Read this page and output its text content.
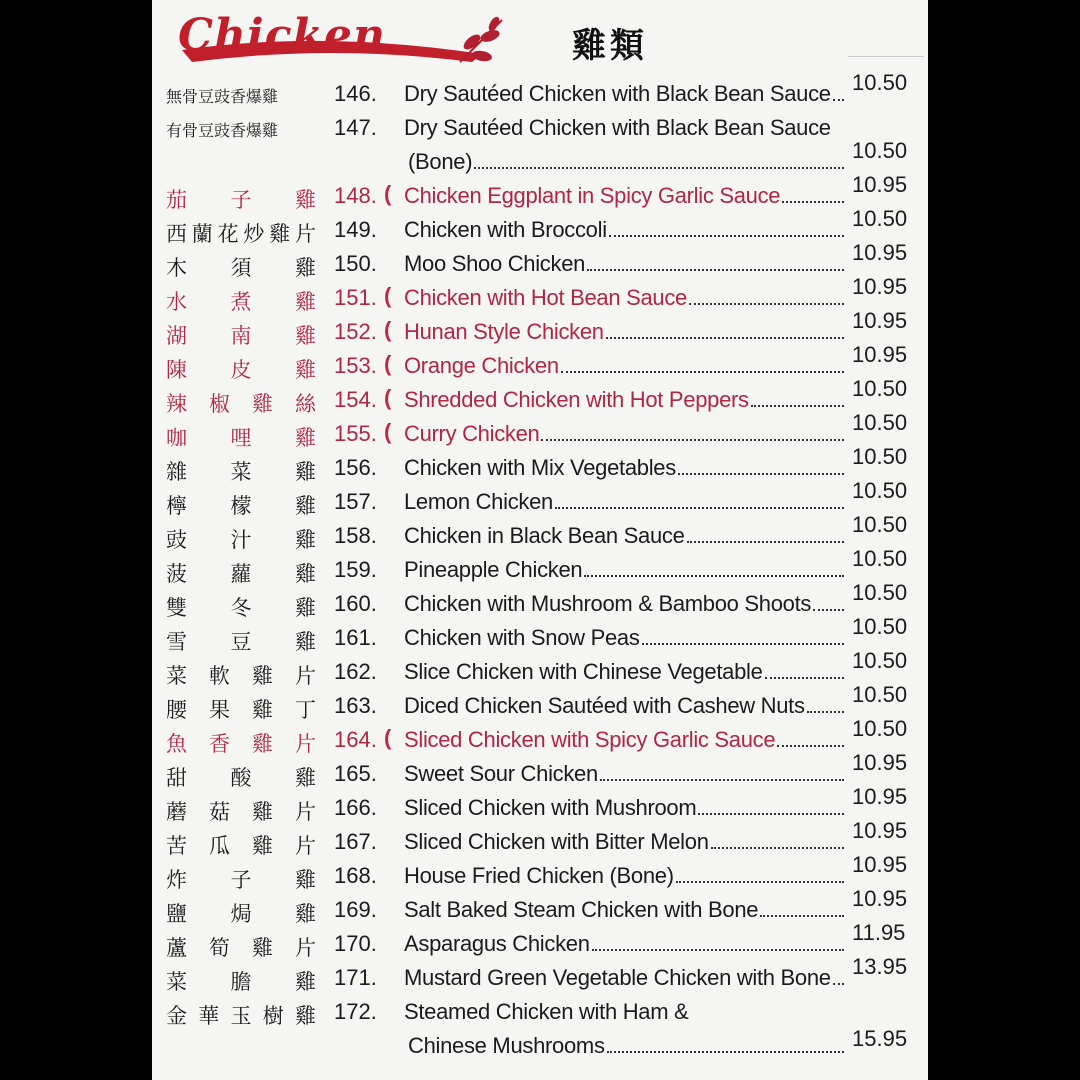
Chicken	雞類
無骨豆豉香爆雞	146. Dry Sautéed Chicken with Black Bean Sauce 10.50
有骨豆豉香爆雞	147. Dry Sautéed Chicken with Black Bean Sauce
(Bone)	10.50
茄子雞 148. ( Chicken Eggplant in Spicy Garlic Sauce	10.95
西蘭花炒雞片 149. Chicken with Broccoli	10.50
木須雞 150. Moo Shoo Chicken	10.95
水煮雞 151. ( Chicken with Hot Bean Sauce	10.95
湖南雞 152. ( Hunan Style Chicken	10.95
陳皮雞 153. ( Orange Chicken	10.95
辣椒雞絲 154. ( Shredded Chicken with Hot Peppers	10.50
咖哩雞 155. ( Curry Chicken	10.50
雜菜雞 156. Chicken with Mix Vegetables	10.50
檸檬雞 157. Lemon Chicken	10.50
豉汁雞 158. Chicken in Black Bean Sauce	10.50
菠蘿雞 159. Pineapple Chicken	10.50
雙冬雞 160. Chicken with Mushroom & Bamboo Shoots 10.50
雪豆雞 161. Chicken with Snow Peas	10.50
菜軟雞片 162. Slice Chicken with Chinese Vegetable	10.50
腰果雞丁 163. Diced Chicken Sautéed with Cashew Nuts 10.50
魚香雞片 164. ( Sliced Chicken with Spicy Garlic Sauce	10.50
甜酸雞 165. Sweet Sour Chicken	10.95
蘑菇雞片 166. Sliced Chicken with Mushroom	10.95
苦瓜雞片 167. Sliced Chicken with Bitter Melon	10.95
炸子雞 168. House Fried Chicken (Bone)	10.95
鹽焗雞 169. Salt Baked Steam Chicken with Bone	10.95
蘆筍雞片 170. Asparagus Chicken	11.95
菜膽雞 171. Mustard Green Vegetable Chicken with Bone 13.95
金華玉樹雞 172. Steamed Chicken with Ham &
Chinese Mushrooms	15.95
